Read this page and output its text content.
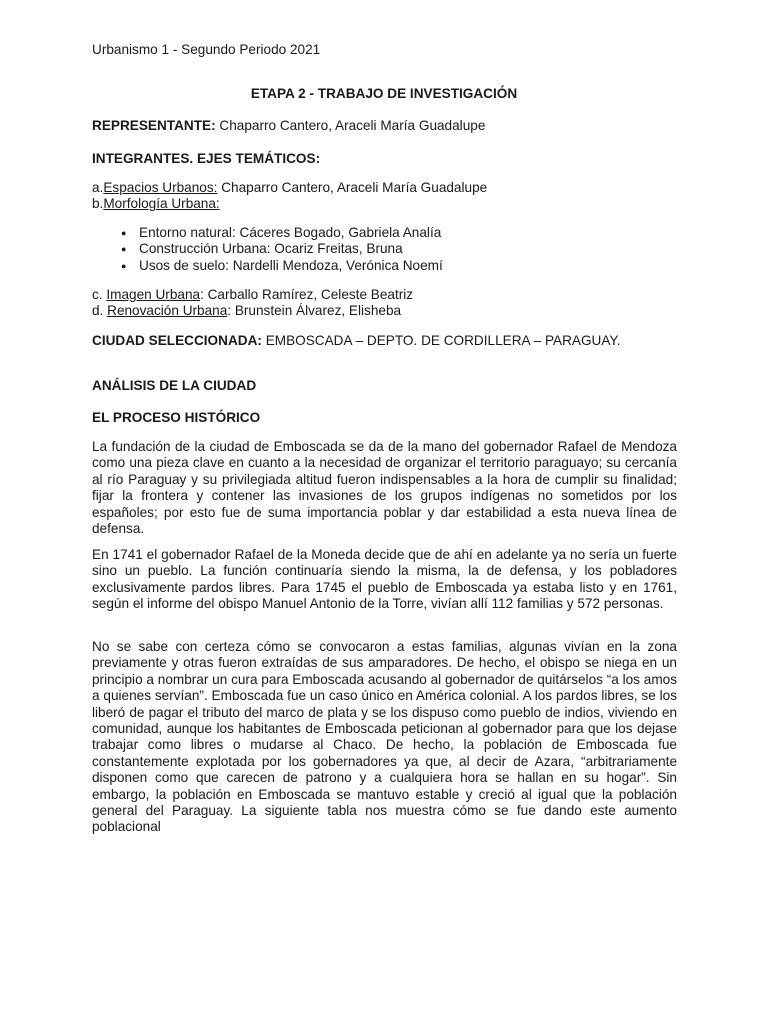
Urbanismo 1 - Segundo Periodo 2021
ETAPA 2 - TRABAJO DE INVESTIGACIÓN
REPRESENTANTE: Chaparro Cantero, Araceli María Guadalupe
INTEGRANTES. EJES TEMÁTICOS:
a.Espacios Urbanos: Chaparro Cantero, Araceli María Guadalupe
b.Morfología Urbana:
● Entorno natural: Cáceres Bogado, Gabriela Analía
● Construcción Urbana: Ocariz Freitas, Bruna
● Usos de suelo: Nardelli Mendoza, Verónica Noemí
c. Imagen Urbana: Carballo Ramírez, Celeste Beatriz
d. Renovación Urbana: Brunstein Álvarez, Elisheba
CIUDAD SELECCIONADA: EMBOSCADA – DEPTO. DE CORDILLERA – PARAGUAY.
ANÁLISIS DE LA CIUDAD
EL PROCESO HISTÓRICO

La fundación de la ciudad de Emboscada se da de la mano del gobernador Rafael de Mendoza como una pieza clave en cuanto a la necesidad de organizar el territorio paraguayo; su cercanía al río Paraguay y su privilegiada altitud fueron indispensables a la hora de cumplir su finalidad; fijar la frontera y contener las invasiones de los grupos indígenas no sometidos por los españoles; por esto fue de suma importancia poblar y dar estabilidad a esta nueva línea de defensa.

En 1741 el gobernador Rafael de la Moneda decide que de ahí en adelante ya no sería un fuerte sino un pueblo. La función continuaría siendo la misma, la de defensa, y los pobladores exclusivamente pardos libres. Para 1745 el pueblo de Emboscada ya estaba listo y en 1761, según el informe del obispo Manuel Antonio de la Torre, vivían allí 112 familias y 572 personas.

No se sabe con certeza cómo se convocaron a estas familias, algunas vivían en la zona previamente y otras fueron extraídas de sus amparadores. De hecho, el obispo se niega en un principio a nombrar un cura para Emboscada acusando al gobernador de quitárselos “a los amos a quienes servían”. Emboscada fue un caso único en América colonial. A los pardos libres, se los liberó de pagar el tributo del marco de plata y se los dispuso como pueblo de indios, viviendo en comunidad, aunque los habitantes de Emboscada peticionan al gobernador para que los dejase trabajar como libres o mudarse al Chaco. De hecho, la población de Emboscada fue constantemente explotada por los gobernadores ya que, al decir de Azara, “arbitrariamente disponen como que carecen de patrono y a cualquiera hora se hallan en su hogar”. Sin embargo, la población en Emboscada se mantuvo estable y creció al igual que la población general del Paraguay. La siguiente tabla nos muestra cómo se fue dando este aumento poblacional
